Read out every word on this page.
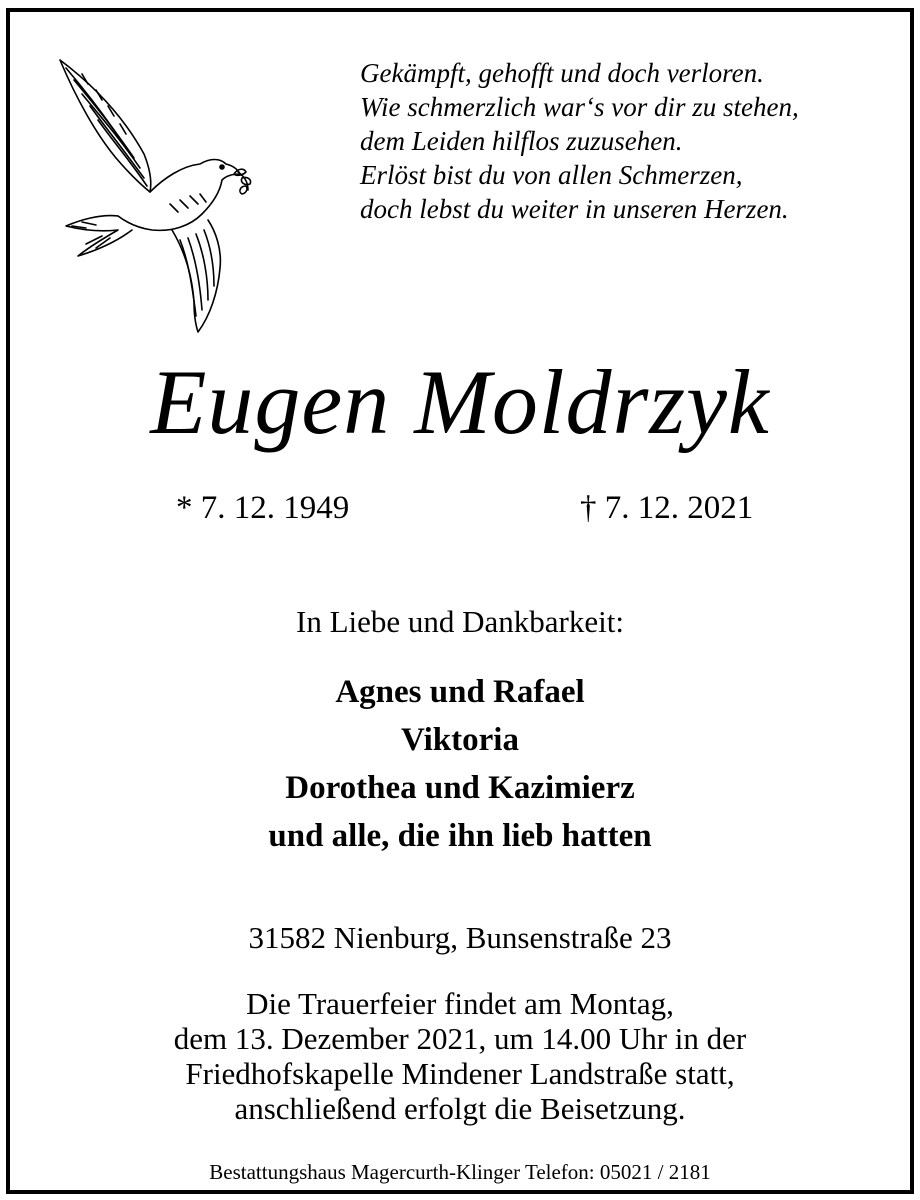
Gekämpft, gehofft und doch verloren.
Wie schmerzlich war‘s vor dir zu stehen,
dem Leiden hilflos zuzusehen.
Erlöst bist du von allen Schmerzen,
doch lebst du weiter in unseren Herzen.
Eugen Moldrzyk
* 7. 12. 1949	† 7. 12. 2021
In Liebe und Dankbarkeit:
Agnes und Rafael
Viktoria
Dorothea und Kazimierz
und alle, die ihn lieb hatten
31582 Nienburg, Bunsenstraße 23
Die Trauerfeier findet am Montag,
dem 13. Dezember 2021, um 14.00 Uhr in der
Friedhofskapelle Mindener Landstraße statt,
anschließend erfolgt die Beisetzung.
Bestattungshaus Magercurth-Klinger Telefon: 05021 / 2181
